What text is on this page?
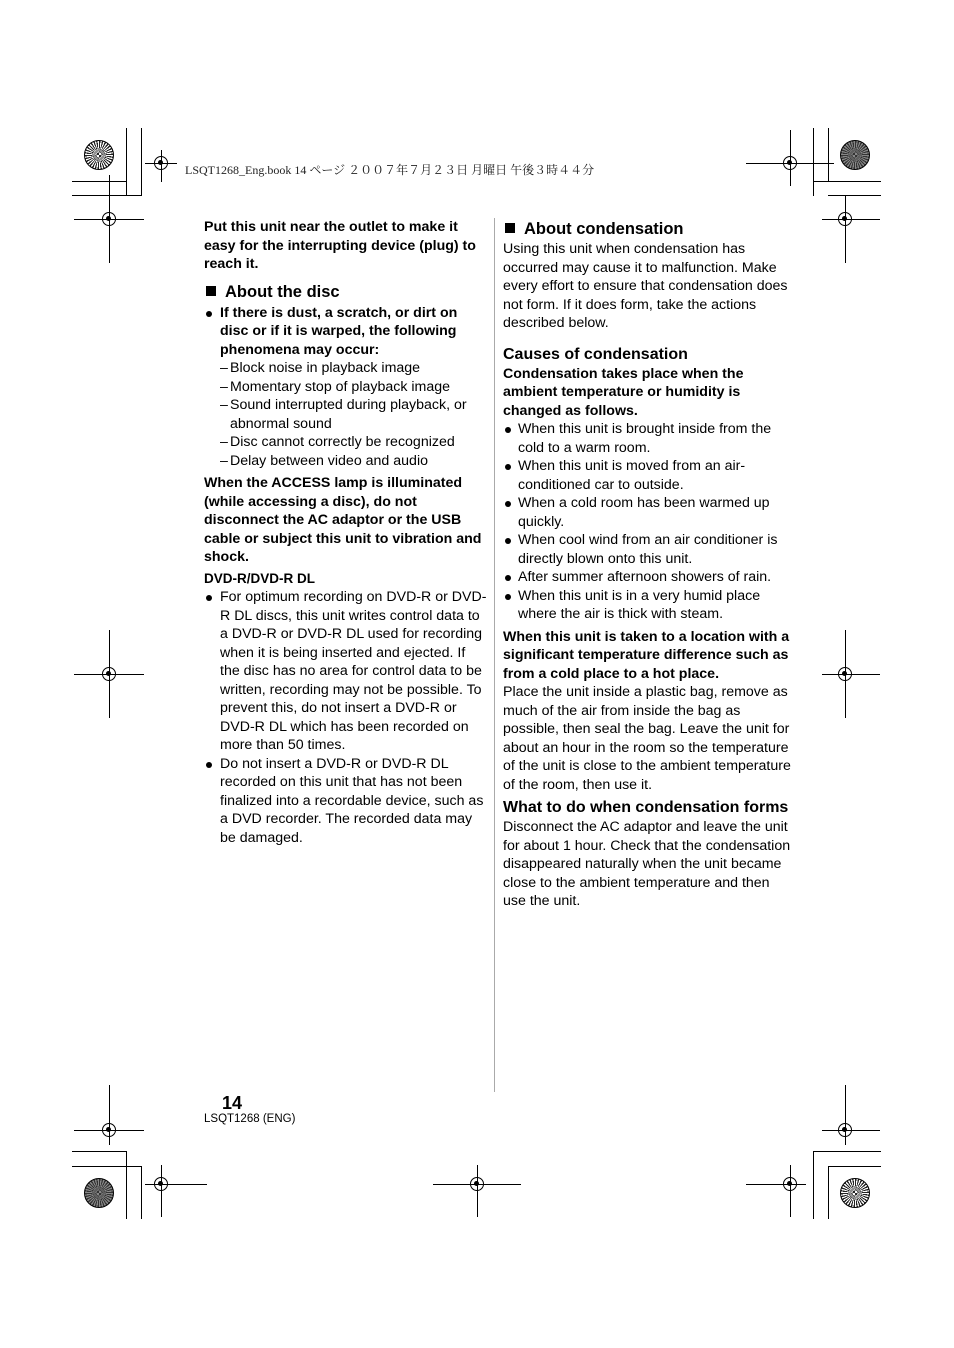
LSQT1268_Eng.book 14 ページ ２００７年７月２３日 月曜日 午後３時４４分

Put this unit near the outlet to make it easy for the interrupting device (plug) to reach it.

About the disc
If there is dust, a scratch, or dirt on disc or if it is warped, the following phenomena may occur:
– Block noise in playback image
– Momentary stop of playback image
– Sound interrupted during playback, or abnormal sound
– Disc cannot correctly be recognized
– Delay between video and audio

When the ACCESS lamp is illuminated (while accessing a disc), do not disconnect the AC adaptor or the USB cable or subject this unit to vibration and shock.

DVD-R/DVD-R DL

For optimum recording on DVD-R or DVD-R DL discs, this unit writes control data to a DVD-R or DVD-R DL used for recording when it is being inserted and ejected. If the disc has no area for control data to be written, recording may not be possible. To prevent this, do not insert a DVD-R or DVD-R DL which has been recorded on more than 50 times.
Do not insert a DVD-R or DVD-R DL recorded on this unit that has not been finalized into a recordable device, such as a DVD recorder. The recorded data may be damaged.
About condensation

Using this unit when condensation has occurred may cause it to malfunction. Make every effort to ensure that condensation does not form. If it does form, take the actions described below.

Causes of condensation

Condensation takes place when the ambient temperature or humidity is changed as follows.

When this unit is brought inside from the cold to a warm room.
When this unit is moved from an air-conditioned car to outside.
When a cold room has been warmed up quickly.
When cool wind from an air conditioner is directly blown onto this unit.
After summer afternoon showers of rain.
When this unit is in a very humid place where the air is thick with steam.

When this unit is taken to a location with a significant temperature difference such as from a cold place to a hot place.

Place the unit inside a plastic bag, remove as much of the air from inside the bag as possible, then seal the bag. Leave the unit for about an hour in the room so the temperature of the unit is close to the ambient temperature of the room, then use it.

What to do when condensation forms

Disconnect the AC adaptor and leave the unit for about 1 hour. Check that the condensation disappeared naturally when the unit became close to the ambient temperature and then use the unit.

14
LSQT1268 (ENG)
